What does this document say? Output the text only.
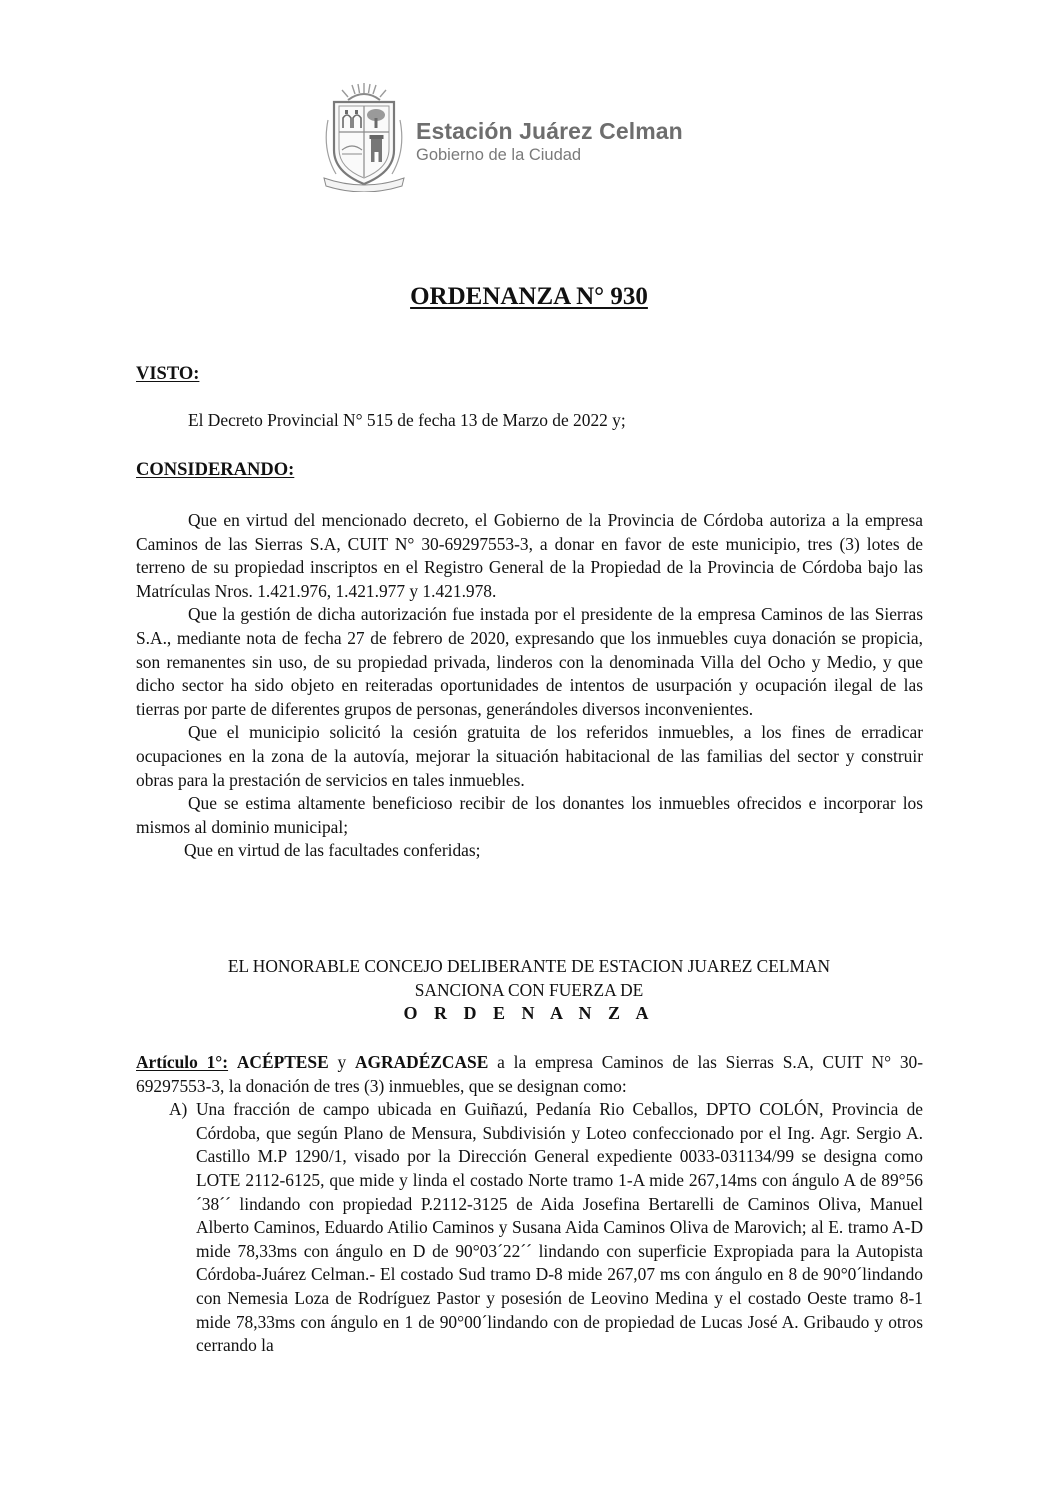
Estación Juárez Celman
Gobierno de la Ciudad
ORDENANZA N° 930
VISTO:
El Decreto Provincial N° 515 de fecha 13 de Marzo de 2022 y;
CONSIDERANDO:

Que en virtud del mencionado decreto, el Gobierno de la Provincia de Córdoba autoriza a la empresa Caminos de las Sierras S.A, CUIT N° 30-69297553-3, a donar en favor de este municipio, tres (3) lotes de terreno de su propiedad inscriptos en el Registro General de la Propiedad de la Provincia de Córdoba bajo las Matrículas Nros. 1.421.976, 1.421.977 y 1.421.978.

Que la gestión de dicha autorización fue instada por el presidente de la empresa Caminos de las Sierras S.A., mediante nota de fecha 27 de febrero de 2020, expresando que los inmuebles cuya donación se propicia, son remanentes sin uso, de su propiedad privada, linderos con la denominada Villa del Ocho y Medio, y que dicho sector ha sido objeto en reiteradas oportunidades de intentos de usurpación y ocupación ilegal de las tierras por parte de diferentes grupos de personas, generándoles diversos inconvenientes.

Que el municipio solicitó la cesión gratuita de los referidos inmuebles, a los fines de erradicar ocupaciones en la zona de la autovía, mejorar la situación habitacional de las familias del sector y construir obras para la prestación de servicios en tales inmuebles.

Que se estima altamente beneficioso recibir de los donantes los inmuebles ofrecidos e incorporar los mismos al dominio municipal;

Que en virtud de las facultades conferidas;

EL HONORABLE CONCEJO DELIBERANTE DE ESTACION JUAREZ CELMAN
SANCIONA CON FUERZA DE
O R D E N A N Z A

Artículo 1°: ACÉPTESE y AGRADÉZCASE a la empresa Caminos de las Sierras S.A, CUIT N° 30-69297553-3, la donación de tres (3) inmuebles, que se designan como:

A) Una fracción de campo ubicada en Guiñazú, Pedanía Rio Ceballos, DPTO COLÓN, Provincia de Córdoba, que según Plano de Mensura, Subdivisión y Loteo confeccionado por el Ing. Agr. Sergio A. Castillo M.P 1290/1, visado por la Dirección General expediente 0033-031134/99 se designa como LOTE 2112-6125, que mide y linda el costado Norte tramo 1-A mide 267,14ms con ángulo A de 89°56´38´´ lindando con propiedad P.2112-3125 de Aida Josefina Bertarelli de Caminos Oliva, Manuel Alberto Caminos, Eduardo Atilio Caminos y Susana Aida Caminos Oliva de Marovich; al E. tramo A-D mide 78,33ms con ángulo en D de 90°03´22´´ lindando con superficie Expropiada para la Autopista Córdoba-Juárez Celman.- El costado Sud tramo D-8 mide 267,07 ms con ángulo en 8 de 90°0´lindando con Nemesia Loza de Rodríguez Pastor y posesión de Leovino Medina y el costado Oeste tramo 8-1 mide 78,33ms con ángulo en 1 de 90°00´lindando con de propiedad de Lucas José A. Gribaudo y otros cerrando la
